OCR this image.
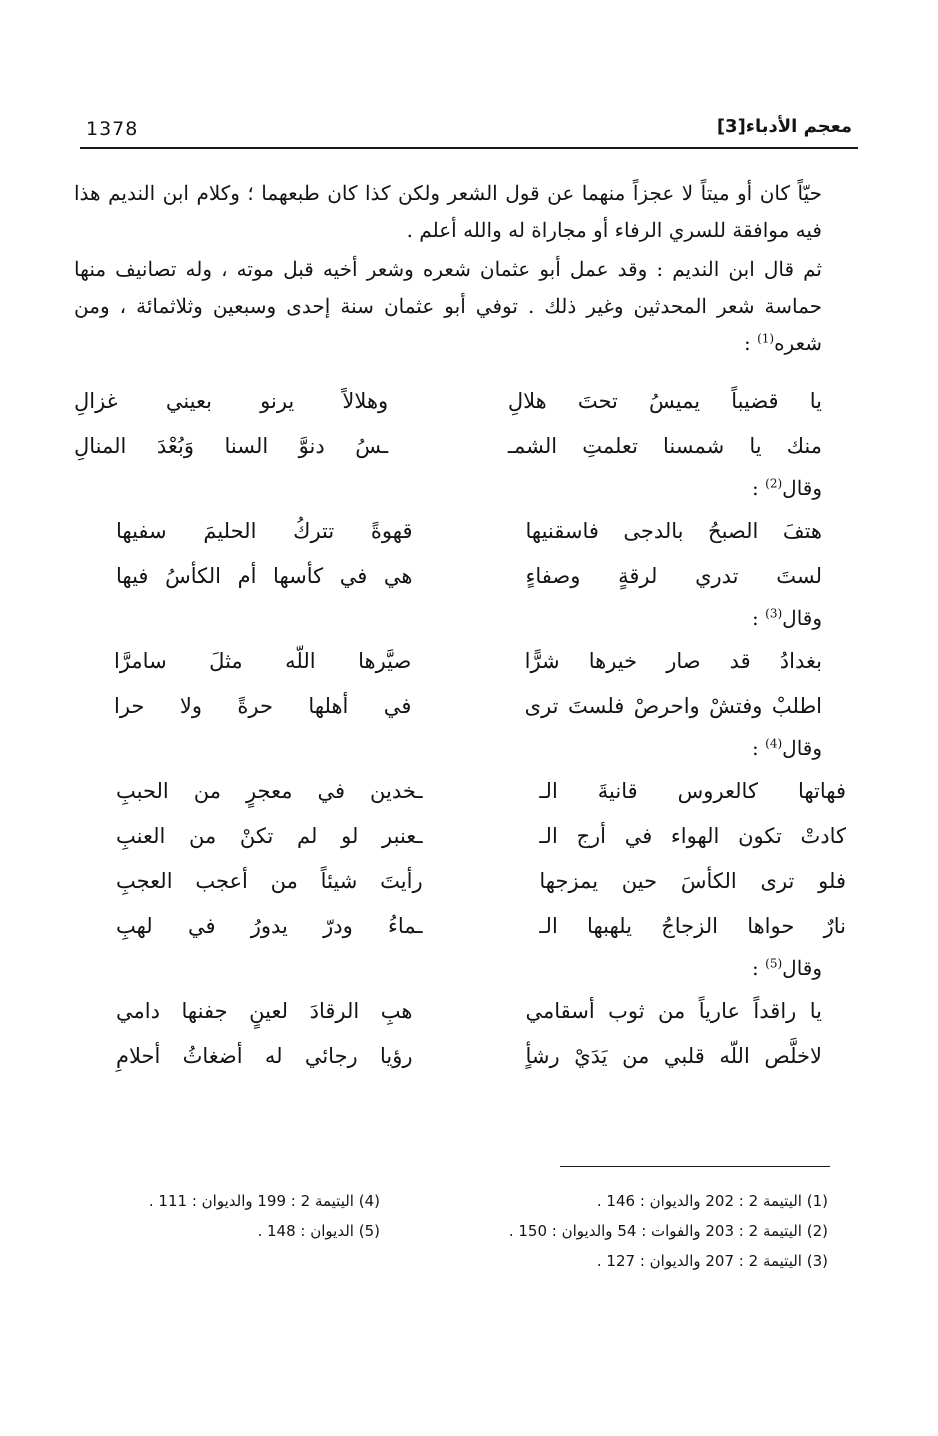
1378	معجم الأدباء[3]

حيّاً كان أو ميتاً لا عجزاً منهما عن قول الشعر ولكن كذا كان طبعهما ؛ وكلام ابن النديم هذا فيه موافقة للسري الرفاء أو مجاراة له والله أعلم .

ثم قال ابن النديم : وقد عمل أبو عثمان شعره وشعر أخيه قبل موته ، وله تصانيف منها حماسة شعر المحدثين وغير ذلك . توفي أبو عثمان سنة إحدى وسبعين وثلاثمائة ، ومن شعره$^{(1)}$ :

يا قضيباً يميسُ تحتَ هلالِ
وهلالاً يرنو بعيني غزالِ
منك يا شمسنا تعلمتِ الشمـ
ـسُ دنوَّ السنا وَبُعْدَ المنالِ
وقال$^{(2)}$ :
هتفَ الصبحُ بالدجى فاسقنيها
قهوةً تتركُ الحليمَ سفيها
لستَ تدري لرقةٍ وصفاءٍ
هي في كأسها أم الكأسُ فيها
وقال$^{(3)}$ :
بغدادُ قد صار خيرها شرًّا
صيَّرها اللّه مثلَ سامرَّا
اطلبْ وفتشْ واحرصْ فلستَ ترى
في أهلها حرةً ولا حرا
وقال$^{(4)}$ :
فهاتها كالعروس قانيةَ الـ
ـخدين في معجرٍ من الحببِ
كادتْ تكون الهواء في أرج الـ
ـعنبر لو لم تكنْ من العنبِ
فلو ترى الكأسَ حين يمزجها
رأيتَ شيئاً من أعجب العجبِ
نارٌ حواها الزجاجُ يلهبها الـ
ـماءُ ودرّ يدورُ في لهبِ
وقال$^{(5)}$ :
يا راقداً عارياً من ثوب أسقامي
هبِ الرقادَ لعينٍ جفنها دامي
لاخلَّص اللّه قلبي من يَدَيْ رشأٍ
رؤيا رجائي له أضغاثُ أحلامِ
(1) اليتيمة 2 : 202 والديوان : 146 .
(2) اليتيمة 2 : 203 والفوات : 54 والديوان : 150 .
(3) اليتيمة 2 : 207 والديوان : 127 .
(4) اليتيمة 2 : 199 والديوان : 111 .
(5) الديوان : 148 .
